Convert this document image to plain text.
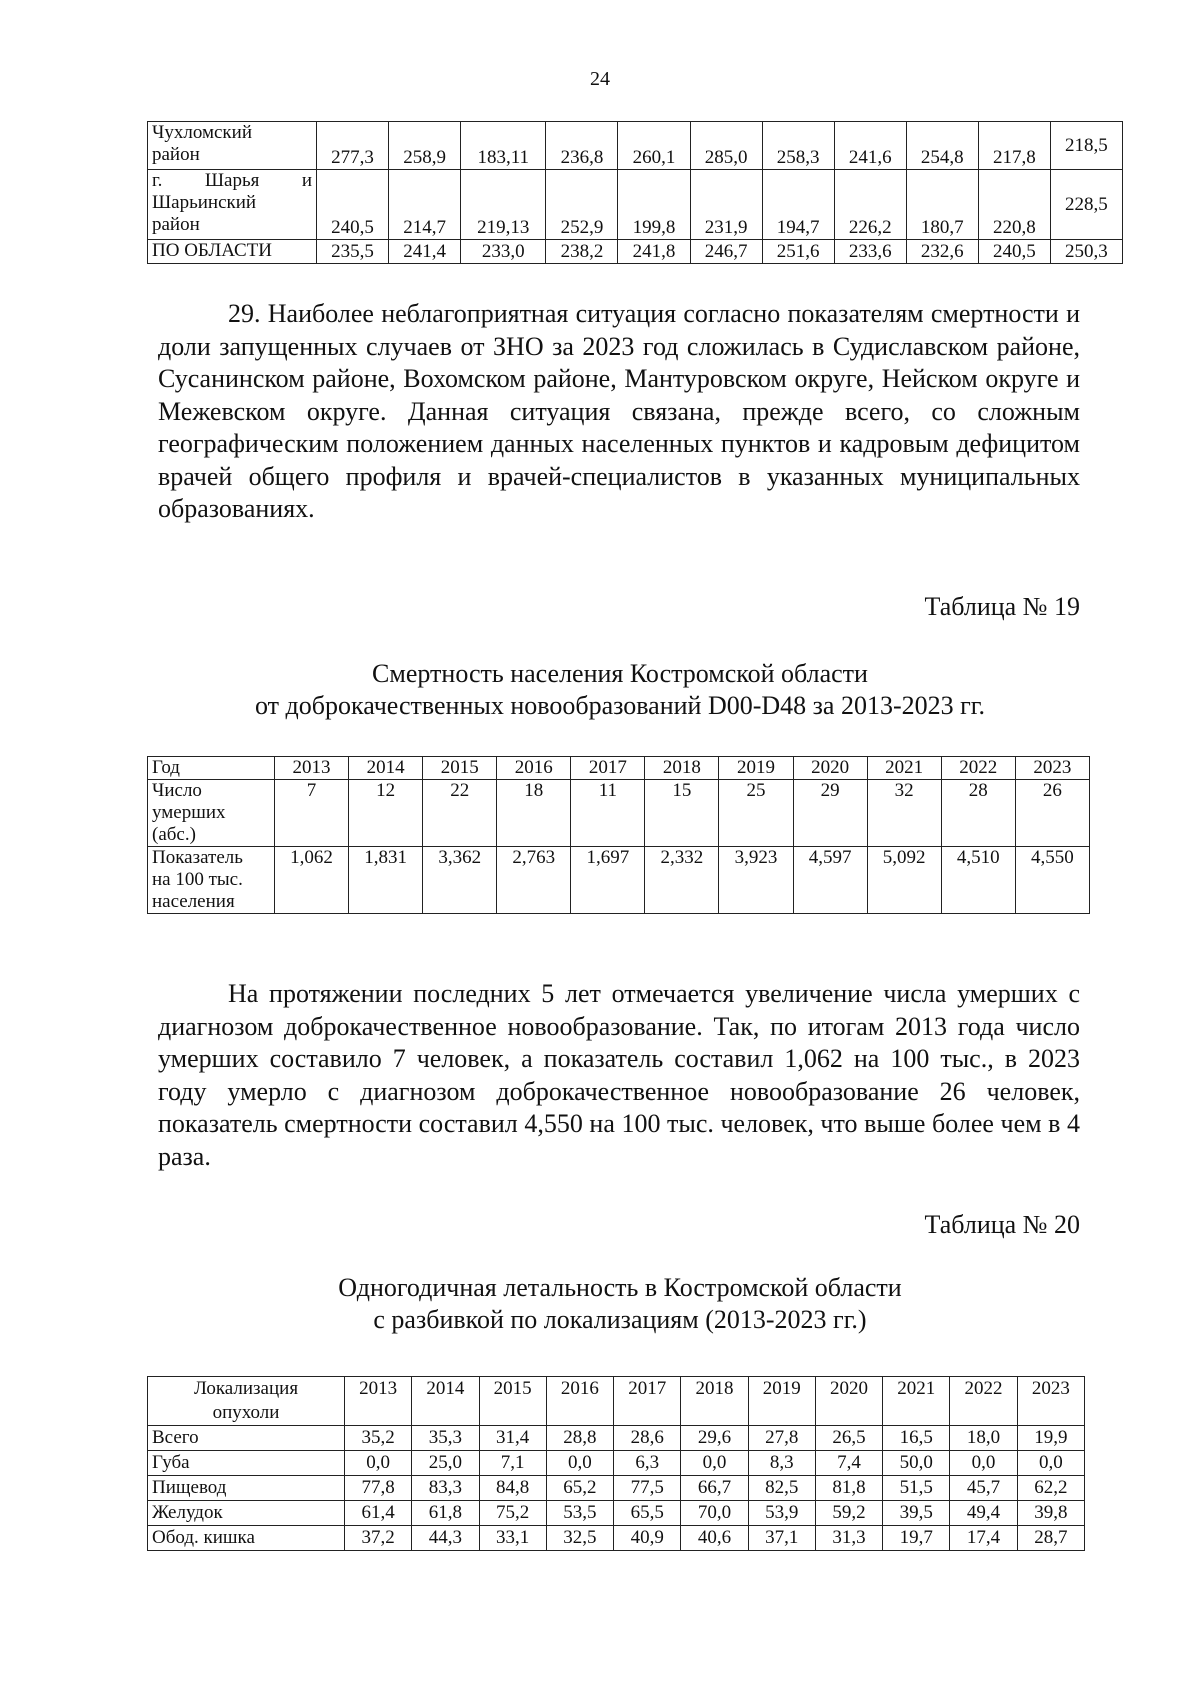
24
Чухломский
район	277,3	258,9	183,11	236,8	260,1	285,0	258,3	241,6	254,8	217,8	218,5
г. Шарья и
Шарьинский
район	240,5	214,7	219,13	252,9	199,8	231,9	194,7	226,2	180,7	220,8	228,5
ПО ОБЛАСТИ	235,5	241,4	233,0	238,2	241,8	246,7	251,6	233,6	232,6	240,5	250,3

29. Наиболее неблагоприятная ситуация согласно показателям смертности и доли запущенных случаев от ЗНО за 2023 год сложилась в Судиславском районе, Сусанинском районе, Вохомском районе, Мантуровском округе, Нейском округе и Межевском округе. Данная ситуация связана, прежде всего, со сложным географическим положением данных населенных пунктов и кадровым дефицитом врачей общего профиля и врачей-специалистов в указанных муниципальных образованиях.

Таблица № 19
Смертность населения Костромской области
от доброкачественных новообразований D00-D48 за 2013-2023 гг.
Год	2013	2014	2015	2016	2017	2018	2019	2020	2021	2022	2023
Число
умерших
(абс.)	7	12	22	18	11	15	25	29	32	28	26
Показатель
на 100 тыс.
населения	1,062	1,831	3,362	2,763	1,697	2,332	3,923	4,597	5,092	4,510	4,550

На протяжении последних 5 лет отмечается увеличение числа умерших с диагнозом доброкачественное новообразование. Так, по итогам 2013 года число умерших составило 7 человек, а показатель составил 1,062 на 100 тыс., в 2023 году умерло с диагнозом доброкачественное новообразование 26 человек, показатель смертности составил 4,550 на 100 тыс. человек, что выше более чем в 4 раза.

Таблица № 20
Одногодичная летальность в Костромской области
с разбивкой по локализациям (2013-2023 гг.)
Локализация
опухоли	2013	2014	2015	2016	2017	2018	2019	2020	2021	2022	2023
Всего	35,2	35,3	31,4	28,8	28,6	29,6	27,8	26,5	16,5	18,0	19,9
Губа	0,0	25,0	7,1	0,0	6,3	0,0	8,3	7,4	50,0	0,0	0,0
Пищевод	77,8	83,3	84,8	65,2	77,5	66,7	82,5	81,8	51,5	45,7	62,2
Желудок	61,4	61,8	75,2	53,5	65,5	70,0	53,9	59,2	39,5	49,4	39,8
Обод. кишка	37,2	44,3	33,1	32,5	40,9	40,6	37,1	31,3	19,7	17,4	28,7
